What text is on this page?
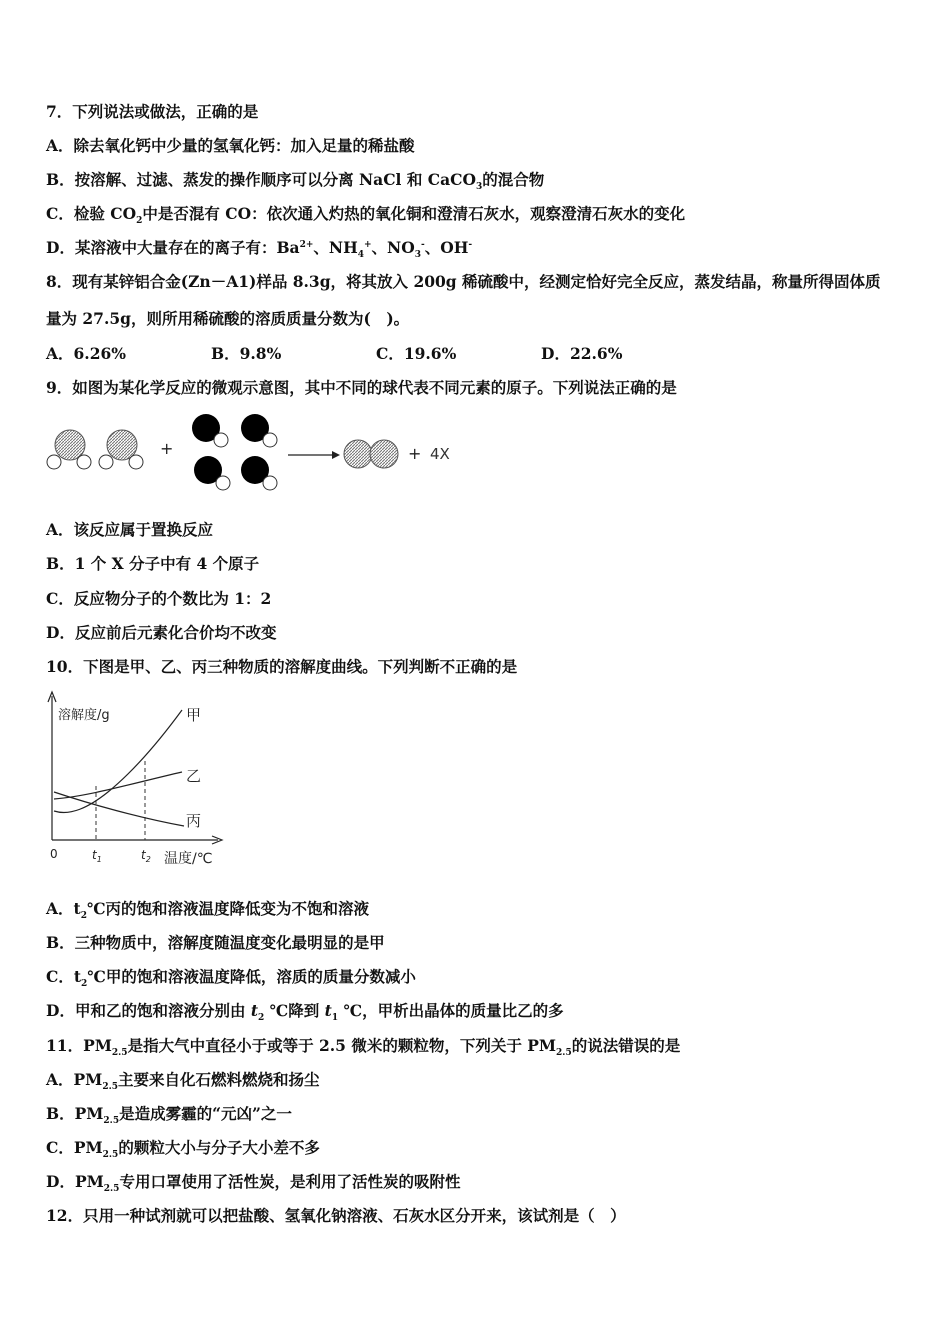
7．下列说法或做法，正确的是
A．除去氧化钙中少量的氢氧化钙：加入足量的稀盐酸
B．按溶解、过滤、蒸发的操作顺序可以分离 NaCl 和 CaCO$_3$的混合物
C．检验 $CO_2$中是否混有 CO：依次通入灼热的氧化铜和澄清石灰水，观察澄清石灰水的变化
D．某溶液中大量存在的离子有：$Ba^{2+}$、$NH_4^+$、$NO_3^-$、OH-
8．现有某锌铝合金(Zn－A1)样品 8.3g，将其放入 200g 稀硫酸中，经测定恰好完全反应，蒸发结晶，称量所得固体质
量为 27.5g，则所用稀硫酸的溶质质量分数为(　)。
A．6.26%	B．9.8%	C．19.6%	D．22.6%
9．如图为某化学反应的微观示意图，其中不同的球代表不同元素的原子。下列说法正确的是
+	+ 4X
A．该反应属于置换反应
B．1 个 X 分子中有 4 个原子
C．反应物分子的个数比为 1：2
D．反应前后元素化合价均不改变
10．下图是甲、乙、丙三种物质的溶解度曲线。下列判断不正确的是
溶解度/g	甲
乙
丙
0	$t_1$	$t_2$ 温度/℃
A．$t_2℃$丙的饱和溶液温度降低变为不饱和溶液
B．三种物质中，溶解度随温度变化最明显的是甲
C．$t_2℃$甲的饱和溶液温度降低，溶质的质量分数减小
D．甲和乙的饱和溶液分别由 $t_2$ ℃降到 $t_1$ ℃，甲析出晶体的质量比乙的多
11．$PM_{2.5}$是指大气中直径小于或等于 2.5 微米的颗粒物，下列关于 $PM_{2.5}$的说法错误的是
A．$PM_{2.5}$主要来自化石燃料燃烧和扬尘
B．$PM_{2.5}$是造成雾霾的“元凶”之一
C．$PM_{2.5}$的颗粒大小与分子大小差不多
D．$PM_{2.5}$专用口罩使用了活性炭，是利用了活性炭的吸附性
12．只用一种试剂就可以把盐酸、氢氧化钠溶液、石灰水区分开来，该试剂是（　）
